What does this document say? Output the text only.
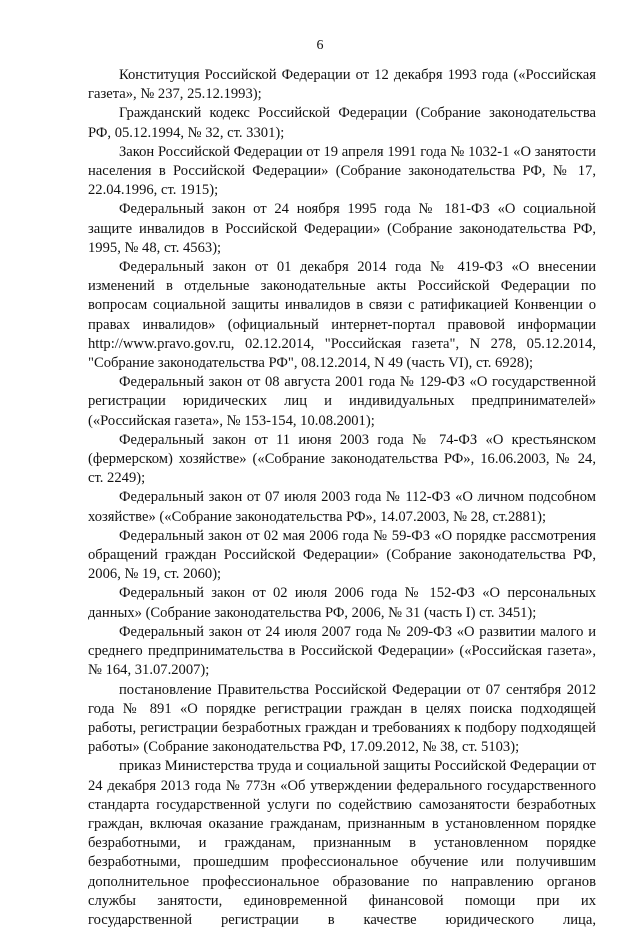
6

Конституция Российской Федерации от 12 декабря 1993 года («Российская газета», № 237, 25.12.1993);

Гражданский кодекс Российской Федерации (Собрание законодательства РФ, 05.12.1994, № 32, ст. 3301);

Закон Российской Федерации от 19 апреля 1991 года № 1032-1 «О занятости населения в Российской Федерации» (Собрание законодательства РФ, № 17, 22.04.1996, ст. 1915);

Федеральный закон от 24 ноября 1995 года № 181-ФЗ «О социальной защите инвалидов в Российской Федерации» (Собрание законодательства РФ, 1995, № 48, ст. 4563);

Федеральный закон от 01 декабря 2014 года № 419-ФЗ «О внесении изменений в отдельные законодательные акты Российской Федерации по вопросам социальной защиты инвалидов в связи с ратификацией Конвенции о правах инвалидов» (официальный интернет-портал правовой информации http://www.pravo.gov.ru, 02.12.2014, "Российская газета", N 278, 05.12.2014, "Собрание законодательства РФ", 08.12.2014, N 49 (часть VI), ст. 6928);

Федеральный закон от 08 августа 2001 года № 129-ФЗ «О государственной регистрации юридических лиц и индивидуальных предпринимателей» («Российская газета», № 153-154, 10.08.2001);

Федеральный закон от 11 июня 2003 года № 74-ФЗ «О крестьянском (фермерском) хозяйстве» («Собрание законодательства РФ», 16.06.2003, № 24, ст. 2249);

Федеральный закон от 07 июля 2003 года № 112-ФЗ «О личном подсобном хозяйстве» («Собрание законодательства РФ», 14.07.2003, № 28, ст.2881);

Федеральный закон от 02 мая 2006 года № 59-ФЗ «О порядке рассмотрения обращений граждан Российской Федерации» (Собрание законодательства РФ, 2006, № 19, ст. 2060);

Федеральный закон от 02 июля 2006 года № 152-ФЗ «О персональных данных» (Собрание законодательства РФ, 2006, № 31 (часть I) ст. 3451);

Федеральный закон от 24 июля 2007 года № 209-ФЗ «О развитии малого и среднего предпринимательства в Российской Федерации» («Российская газета», № 164, 31.07.2007);

постановление Правительства Российской Федерации от 07 сентября 2012 года № 891 «О порядке регистрации граждан в целях поиска подходящей работы, регистрации безработных граждан и требованиях к подбору подходящей работы» (Собрание законодательства РФ, 17.09.2012, № 38, ст. 5103);

приказ Министерства труда и социальной защиты Российской Федерации от 24 декабря 2013 года № 773н «Об утверждении федерального государственного стандарта государственной услуги по содействию самозанятости безработных граждан, включая оказание гражданам, признанным в установленном порядке безработными, и гражданам, признанным в установленном порядке безработными, прошедшим профессиональное обучение или получившим дополнительное профессиональное образование по направлению органов службы занятости, единовременной финансовой помощи при их государственной регистрации в качестве юридического лица,
